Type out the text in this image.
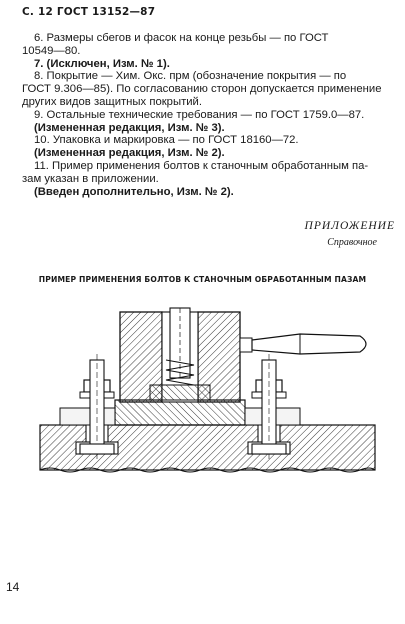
С. 12 ГОСТ 13152—87

6. Размеры сбегов и фасок на конце резьбы — по ГОСТ

10549—80.

7. (Исключен, Изм. № 1).

8. Покрытие — Хим. Окс. прм (обозначение покрытия — по

ГОСТ 9.306—85). По согласованию сторон допускается применение

других видов защитных покрытий.

9. Остальные технические требования — по ГОСТ 1759.0—87.

(Измененная редакция, Изм. № 3).

10. Упаковка и маркировка — по ГОСТ 18160—72.

(Измененная редакция, Изм. № 2).

11. Пример применения болтов к станочным обработанным па-

зам указан в приложении.

(Введен дополнительно, Изм. № 2).

ПРИЛОЖЕНИЕ
Справочное
ПРИМЕР ПРИМЕНЕНИЯ БОЛТОВ К СТАНОЧНЫМ ОБРАБОТАННЫМ ПАЗАМ
14
